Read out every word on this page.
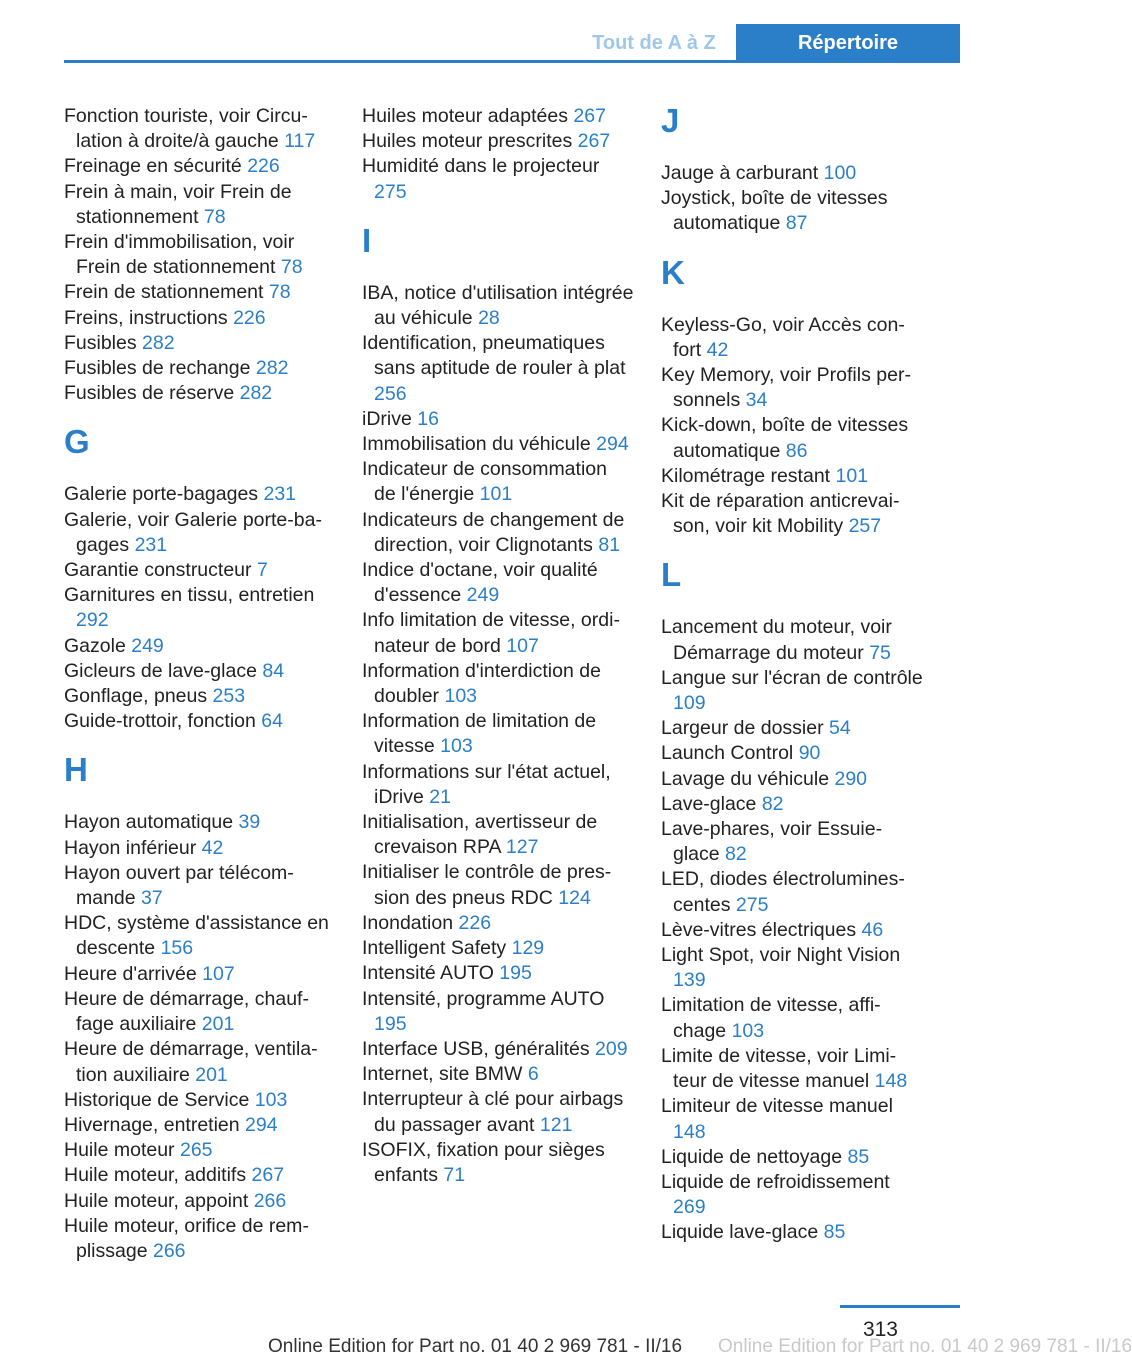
Tout de A à Z	Répertoire
Fonction touriste, voir Circulation à droite/à gauche 117
Freinage en sécurité 226
Frein à main, voir Frein de stationnement 78
Frein d'immobilisation, voir Frein de stationnement 78
Frein de stationnement 78
Freins, instructions 226
Fusibles 282
Fusibles de rechange 282
Fusibles de réserve 282
G
Galerie porte-bagages 231
Galerie, voir Galerie porte-bagages 231
Garantie constructeur 7
Garnitures en tissu, entretien 292
Gazole 249
Gicleurs de lave-glace 84
Gonflage, pneus 253
Guide-trottoir, fonction 64
H
Hayon automatique 39
Hayon inférieur 42
Hayon ouvert par télécommande 37
HDC, système d'assistance en descente 156
Heure d'arrivée 107
Heure de démarrage, chauffage auxiliaire 201
Heure de démarrage, ventilation auxiliaire 201
Historique de Service 103
Hivernage, entretien 294
Huile moteur 265
Huile moteur, additifs 267
Huile moteur, appoint 266
Huile moteur, orifice de remplissage 266
Huiles moteur adaptées 267
Huiles moteur prescrites 267
Humidité dans le projecteur 275
I
IBA, notice d'utilisation intégrée au véhicule 28
Identification, pneumatiques sans aptitude de rouler à plat 256
iDrive 16
Immobilisation du véhicule 294
Indicateur de consommation de l'énergie 101
Indicateurs de changement de direction, voir Clignotants 81
Indice d'octane, voir qualité d'essence 249
Info limitation de vitesse, ordinateur de bord 107
Information d'interdiction de doubler 103
Information de limitation de vitesse 103
Informations sur l'état actuel, iDrive 21
Initialisation, avertisseur de crevaison RPA 127
Initialiser le contrôle de pression des pneus RDC 124
Inondation 226
Intelligent Safety 129
Intensité AUTO 195
Intensité, programme AUTO 195
Interface USB, généralités 209
Internet, site BMW 6
Interrupteur à clé pour airbags du passager avant 121
ISOFIX, fixation pour sièges enfants 71
J
Jauge à carburant 100
Joystick, boîte de vitesses automatique 87
K
Keyless-Go, voir Accès confort 42
Key Memory, voir Profils personnels 34
Kick-down, boîte de vitesses automatique 86
Kilométrage restant 101
Kit de réparation anticrevaison, voir kit Mobility 257
L
Lancement du moteur, voir Démarrage du moteur 75
Langue sur l'écran de contrôle 109
Largeur de dossier 54
Launch Control 90
Lavage du véhicule 290
Lave-glace 82
Lave-phares, voir Essuie-glace 82
LED, diodes électroluminescentes 275
Lève-vitres électriques 46
Light Spot, voir Night Vision 139
Limitation de vitesse, affichage 103
Limite de vitesse, voir Limiteur de vitesse manuel 148
Limiteur de vitesse manuel 148
Liquide de nettoyage 85
Liquide de refroidissement 269
Liquide lave-glace 85
313
Online Edition for Part no. 01 40 2 969 781 - II/16 Online Edition for Part no. 01 40 2 969 781 - II/16
